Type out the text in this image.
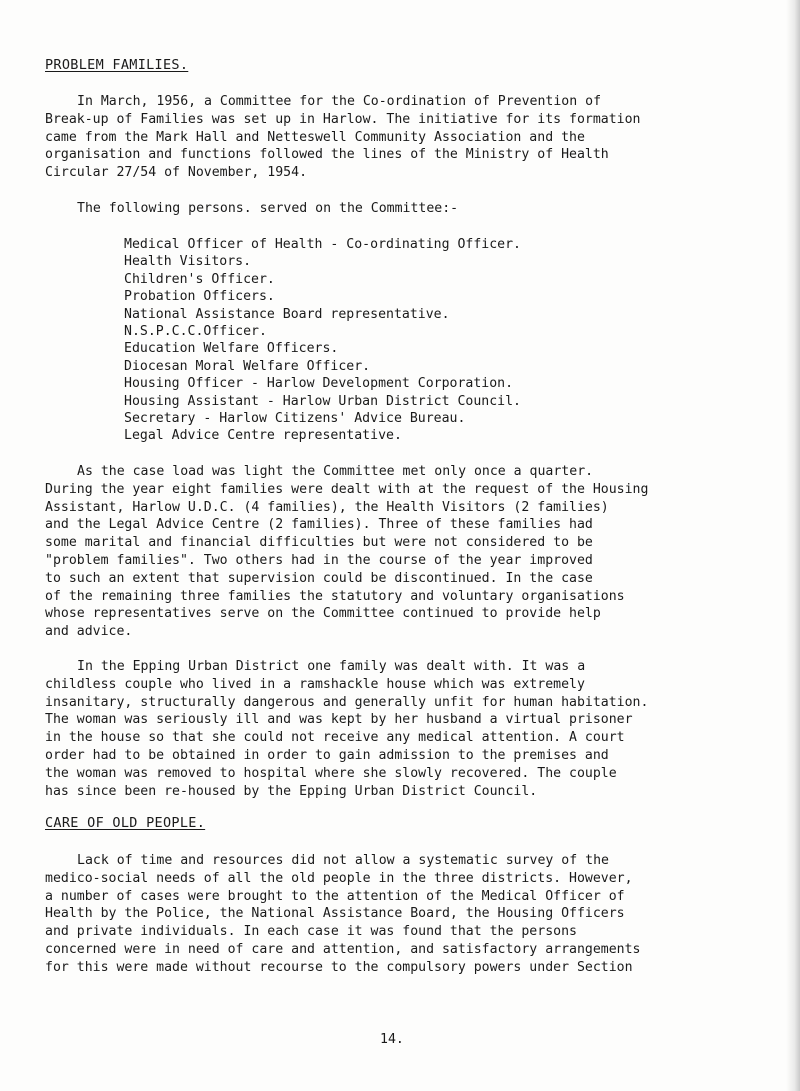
PROBLEM FAMILIES.

In March, 1956, a Committee for the Co-ordination of Prevention of
Break-up of Families was set up in Harlow. The initiative for its formation
came from the Mark Hall and Netteswell Community Association and the
organisation and functions followed the lines of the Ministry of Health
Circular 27/54 of November, 1954.

The following persons. served on the Committee:-

Medical Officer of Health - Co-ordinating Officer.
Health Visitors.
Children's Officer.
Probation Officers.
National Assistance Board representative.
N.S.P.C.C.Officer.
Education Welfare Officers.
Diocesan Moral Welfare Officer.
Housing Officer - Harlow Development Corporation.
Housing Assistant - Harlow Urban District Council.
Secretary - Harlow Citizens' Advice Bureau.
Legal Advice Centre representative.

As the case load was light the Committee met only once a quarter.
During the year eight families were dealt with at the request of the Housing
Assistant, Harlow U.D.C. (4 families), the Health Visitors (2 families)
and the Legal Advice Centre (2 families). Three of these families had
some marital and financial difficulties but were not considered to be
"problem families". Two others had in the course of the year improved
to such an extent that supervision could be discontinued. In the case
of the remaining three families the statutory and voluntary organisations
whose representatives serve on the Committee continued to provide help
and advice.

In the Epping Urban District one family was dealt with. It was a
childless couple who lived in a ramshackle house which was extremely
insanitary, structurally dangerous and generally unfit for human habitation.
The woman was seriously ill and was kept by her husband a virtual prisoner
in the house so that she could not receive any medical attention. A court
order had to be obtained in order to gain admission to the premises and
the woman was removed to hospital where she slowly recovered. The couple
has since been re-housed by the Epping Urban District Council.

CARE OF OLD PEOPLE.

Lack of time and resources did not allow a systematic survey of the
medico-social needs of all the old people in the three districts. However,
a number of cases were brought to the attention of the Medical Officer of
Health by the Police, the National Assistance Board, the Housing Officers
and private individuals. In each case it was found that the persons
concerned were in need of care and attention, and satisfactory arrangements
for this were made without recourse to the compulsory powers under Section

14.
